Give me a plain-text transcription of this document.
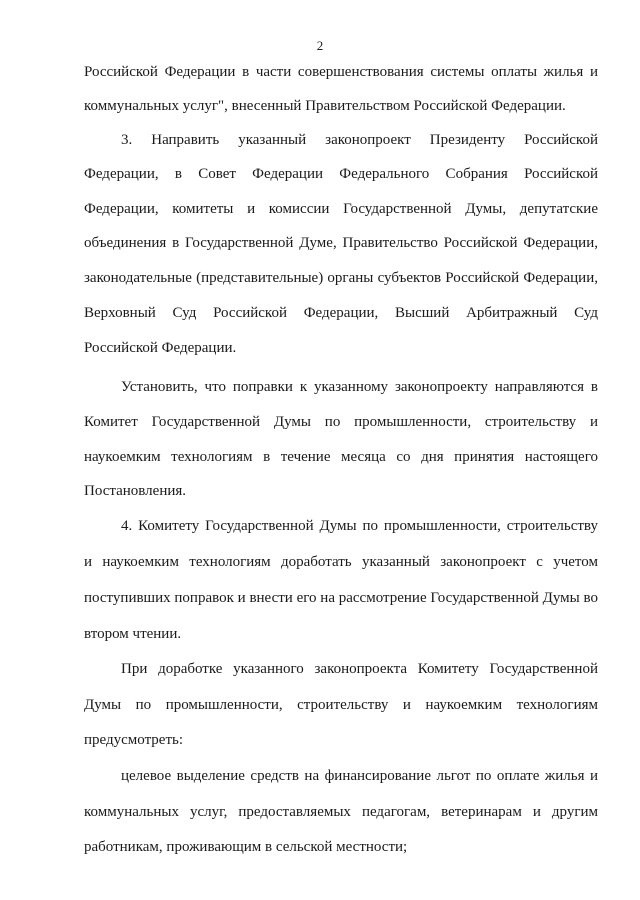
2
Российской Федерации в части совершенствования системы оплаты жилья и
коммунальных услуг", внесенный Правительством Российской Федерации.
3. Направить указанный законопроект Президенту Российской
Федерации, в Совет Федерации Федерального Собрания Российской
Федерации, комитеты и комиссии Государственной Думы, депутатские
объединения в Государственной Думе, Правительство Российской Федерации,
законодательные (представительные) органы субъектов Российской Федерации,
Верховный Суд Российской Федерации, Высший Арбитражный Суд
Российской Федерации.
Установить, что поправки к указанному законопроекту направляются в
Комитет Государственной Думы по промышленности, строительству и
наукоемким технологиям в течение месяца со дня принятия настоящего
Постановления.
4. Комитету Государственной Думы по промышленности, строительству
и наукоемким технологиям доработать указанный законопроект с учетом
поступивших поправок и внести его на рассмотрение Государственной Думы во
втором чтении.
При доработке указанного законопроекта Комитету Государственной
Думы по промышленности, строительству и наукоемким технологиям
предусмотреть:
целевое выделение средств на финансирование льгот по оплате жилья и
коммунальных услуг, предоставляемых педагогам, ветеринарам и другим
работникам, проживающим в сельской местности;
